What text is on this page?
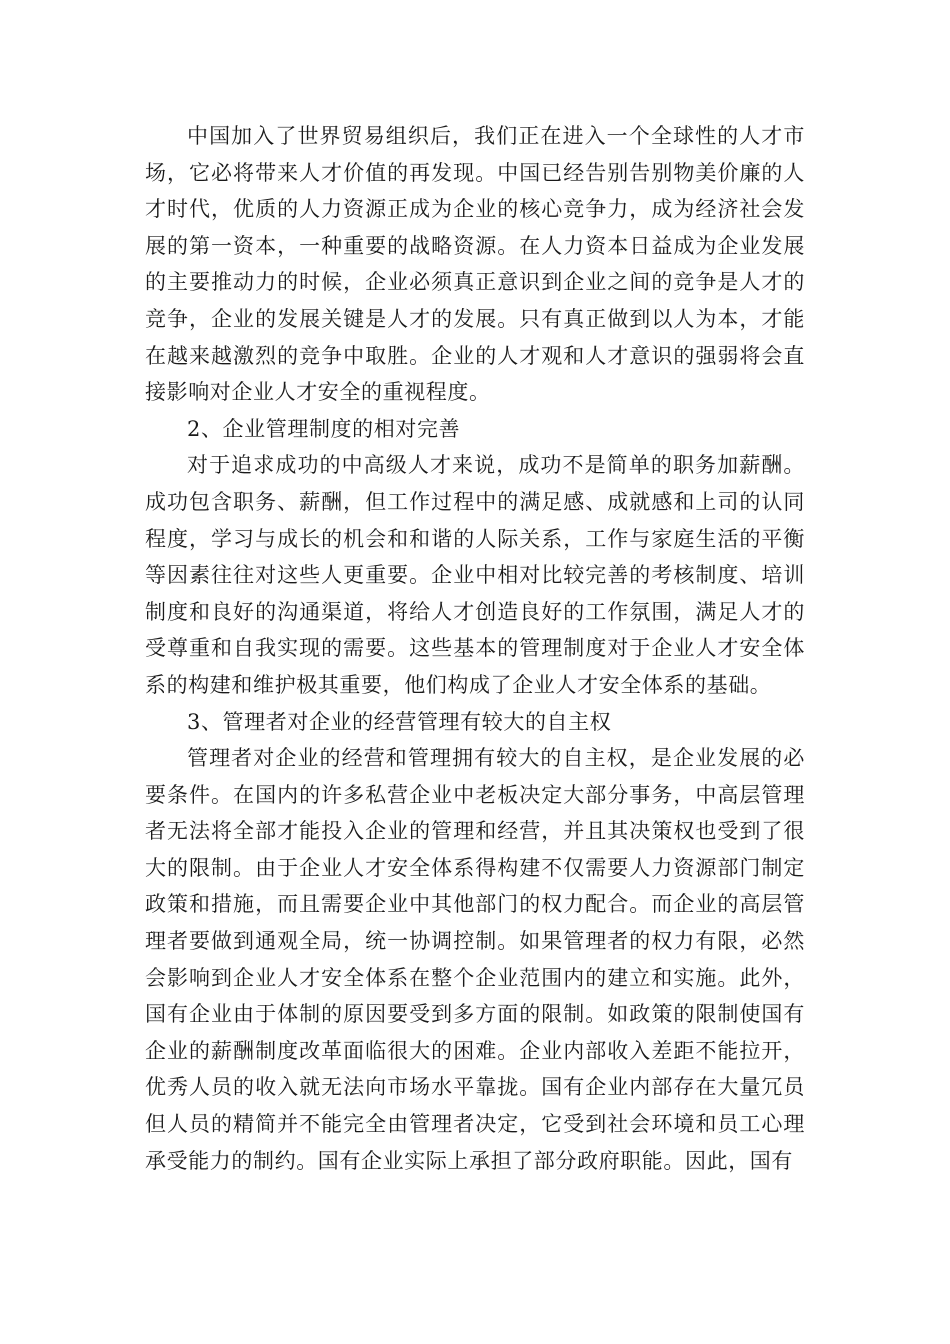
中国加入了世界贸易组织后，我们正在进入一个全球性的人才市场，它必将带来人才价值的再发现。中国已经告别告别物美价廉的人才时代，优质的人力资源正成为企业的核心竞争力，成为经济社会发展的第一资本，一种重要的战略资源。在人力资本日益成为企业发展的主要推动力的时候，企业必须真正意识到企业之间的竞争是人才的竞争，企业的发展关键是人才的发展。只有真正做到以人为本，才能在越来越激烈的竞争中取胜。企业的人才观和人才意识的强弱将会直接影响对企业人才安全的重视程度。

2、企业管理制度的相对完善

对于追求成功的中高级人才来说，成功不是简单的职务加薪酬。成功包含职务、薪酬，但工作过程中的满足感、成就感和上司的认同程度，学习与成长的机会和和谐的人际关系，工作与家庭生活的平衡等因素往往对这些人更重要。企业中相对比较完善的考核制度、培训制度和良好的沟通渠道，将给人才创造良好的工作氛围，满足人才的受尊重和自我实现的需要。这些基本的管理制度对于企业人才安全体系的构建和维护极其重要，他们构成了企业人才安全体系的基础。

3、管理者对企业的经营管理有较大的自主权

管理者对企业的经营和管理拥有较大的自主权，是企业发展的必要条件。在国内的许多私营企业中老板决定大部分事务，中高层管理者无法将全部才能投入企业的管理和经营，并且其决策权也受到了很大的限制。由于企业人才安全体系得构建不仅需要人力资源部门制定政策和措施，而且需要企业中其他部门的权力配合。而企业的高层管理者要做到通观全局，统一协调控制。如果管理者的权力有限，必然会影响到企业人才安全体系在整个企业范围内的建立和实施。此外，国有企业由于体制的原因要受到多方面的限制。如政策的限制使国有企业的薪酬制度改革面临很大的困难。企业内部收入差距不能拉开，优秀人员的收入就无法向市场水平靠拢。国有企业内部存在大量冗员但人员的精简并不能完全由管理者决定，它受到社会环境和员工心理承受能力的制约。国有企业实际上承担了部分政府职能。因此，国有
